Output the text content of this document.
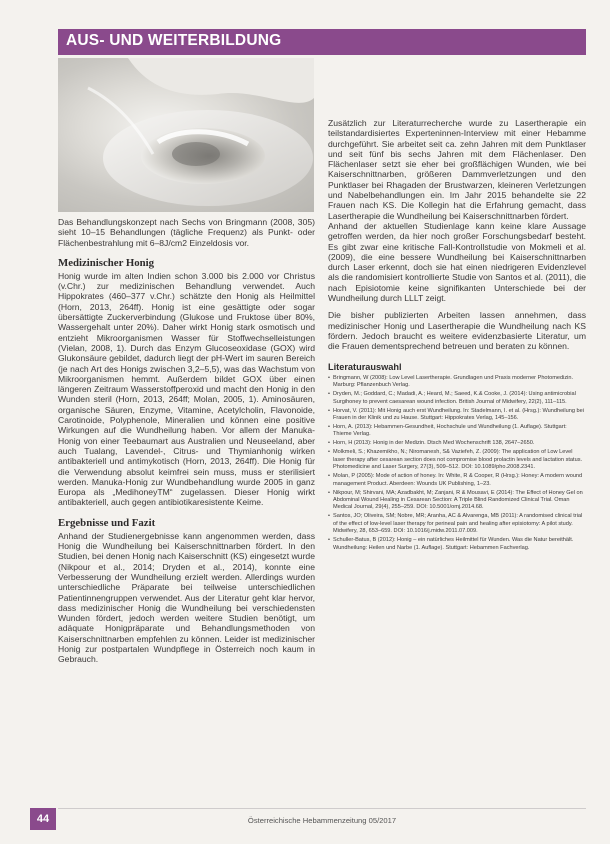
AUS- UND WEITERBILDUNG

Das Behandlungskonzept nach Sechs von Bringmann (2008, 305) sieht 10–15 Behandlungen (tägliche Frequenz) als Punkt- oder Flächenbestrahlung mit 6–8J/cm2 Einzeldosis vor.

Medizinischer Honig

Honig wurde im alten Indien schon 3.000 bis 2.000 vor Christus (v.Chr.) zur medizinischen Behandlung verwendet. Auch Hippokrates (460–377 v.Chr.) schätzte den Honig als Heilmittel (Horn, 2013, 264ff). Honig ist eine gesättigte oder sogar übersättigte Zuckerverbindung (Glukose und Fruktose über 80%, Wassergehalt unter 20%). Daher wirkt Honig stark osmotisch und entzieht Mikroorganismen Wasser für Stoffwechselleistungen (Vielan, 2008, 1). Durch das Enzym Glucoseoxidase (GOX) wird Glukonsäure gebildet, dadurch liegt der pH-Wert im sauren Bereich (je nach Art des Honigs zwischen 3,2–5,5), was das Wachstum von Mikroorganismen hemmt. Außerdem bildet GOX über einen längeren Zeitraum Wasserstoffperoxid und macht den Honig in den Wunden steril (Horn, 2013, 264ff; Molan, 2005, 1). Aminosäuren, organische Säuren, Enzyme, Vitamine, Acetylcholin, Flavonoide, Carotinoide, Polyphenole, Mineralien und können eine positive Wirkungen auf die Wundheilung haben. Vor allem der Manuka-Honig von einer Teebaumart aus Australien und Neuseeland, aber auch Tualang, Lavendel-, Citrus- und Thymianhonig wirken antibakteriell und antimykotisch (Horn, 2013, 264ff). Die Honig für die Verwendung absolut keimfrei sein muss, muss er sterilisiert werden. Manuka-Honig zur Wundbehandlung wurde 2005 in ganz Europa als „MedihoneyTM“ zugelassen. Dieser Honig wirkt antibakteriell, auch gegen antibiotikaresistente Keime.

Ergebnisse und Fazit

Anhand der Studienergebnisse kann angenommen werden, dass Honig die Wundheilung bei Kaiserschnittnarben fördert. In den Studien, bei denen Honig nach Kaiserschnitt (KS) eingesetzt wurde (Nikpour et al., 2014; Dryden et al., 2014), konnte eine Verbesserung der Wundheilung erzielt werden. Allerdings wurden unterschiedliche Präparate bei teilweise unterschiedlichen Patientinnengruppen verwendet. Aus der Literatur geht klar hervor, dass medizinischer Honig die Wundheilung bei verschiedensten Wunden fördert, jedoch werden weitere Studien benötigt, um adäquate Honigpräparate und Behandlungsmethoden von Kaiserschnittnarben empfehlen zu können. Leider ist medizinischer Honig zur postpartalen Wundpflege in Österreich noch kaum in Gebrauch.

Zusätzlich zur Literaturrecherche wurde zu Lasertherapie ein teilstandardisiertes Experteninnen-Interview mit einer Hebamme durchgeführt. Sie arbeitet seit ca. zehn Jahren mit dem Punktlaser und seit fünf bis sechs Jahren mit dem Flächenlaser. Den Flächenlaser setzt sie eher bei großflächigen Wunden, wie bei Kaiserschnittnarben, größeren Dammverletzungen und den Punktlaser bei Rhagaden der Brustwarzen, kleineren Verletzungen und Nabelbehandlungen ein. Im Jahr 2015 behandelte sie 22 Frauen nach KS. Die Kollegin hat die Erfahrung gemacht, dass Lasertherapie die Wundheilung bei Kaiserschnittnarben fördert.

Anhand der aktuellen Studienlage kann keine klare Aussage getroffen werden, da hier noch großer Forschungsbedarf besteht. Es gibt zwar eine kritische Fall-Kontrollstudie von Mokmeli et al. (2009), die eine bessere Wundheilung bei Kaiserschnittnarben durch Laser erkennt, doch sie hat einen niedrigeren Evidenzlevel als die randomisiert kontrollierte Studie von Santos et al. (2011), die nach Episiotomie keine signifikanten Unterschiede bei der Wundheilung durch LLLT zeigt.

Die bisher publizierten Arbeiten lassen annehmen, dass medizinischer Honig und Lasertherapie die Wundheilung nach KS fördern. Jedoch braucht es weitere evidenzbasierte Literatur, um die Frauen dementsprechend betreuen und beraten zu können.

Literaturauswahl
• Bringmann, W (2008): Low Level Lasertherapie. Grundlagen und Praxis moderner Photomedizin. Marburg: Pflanzenbuch Verlag.
• Dryden, M.; Goddard, C.; Madadi, A.; Heard, M.; Saeed, K.& Cooke, J. (2014): Using antimicrobial Surgihoney to prevent caesarean wound infection. British Journal of Midwifery, 22(2), 111–115.
• Horvat, V. (2011): Mit Honig auch erst Wundheilung. In: Stadelmann, I. et al. (Hrsg.): Wundheilung bei Frauen in der Klinik und zu Hause. Stuttgart: Hippokrates Verlag, 145–156.
• Horn, A. (2013): Hebammen-Gesundheit, Hochschule und Wundheilung (1. Auflage). Stuttgart: Thieme Verlag.
• Horn, H (2013): Honig in der Medizin. Dtsch Med Wochenschrift 138, 2647–2650.
• Molkmeli, S.; Khazemikho, N.; Niromanesh, S& Vaziefeh, Z. (2009): The application of Low Level laser therapy after cesarean section does not compromise blood prolactin levels and lactation status. Photomedicine and Laser Surgery, 27(3), 509–512. DOI: 10.1089/pho.2008.2341.
• Molan, P (2005): Mode of action of honey. In: White, R & Cooper, R (Hrsg.): Honey: A modern wound management Product. Aberdeen: Wounds UK Publishing, 1–23.
• Nikpour, M; Shirvani, MA; Azadbakht, M; Zanjani, R & Mousavi, E (2014): The Effect of Honey Gel on Abdominal Wound Healing in Cesarean Section: A Triple Blind Randomized Clinical Trial. Oman Medical Journal, 29(4), 255–259. DOI: 10.5001/omj.2014.68.
• Santos, JO; Oliveira, SM; Nobre, MR; Aranha, AC & Alvarenga, MB (2011): A randomised clinical trial of the effect of low-level laser therapy for perineal pain and healing after episiotomy: A pilot study. Midwifery, 28, 653–659. DOI: 10.1016/j.midw.2011.07.009.
• Schuller-Batus, B (2012): Honig – ein natürliches Heilmittel für Wunden. Was die Natur bereithält. Wundheilung: Heilen und Narbe (1. Auflage). Stuttgart: Hebammen Fachverlag.
44	Österreichische Hebammenzeitung 05/2017
